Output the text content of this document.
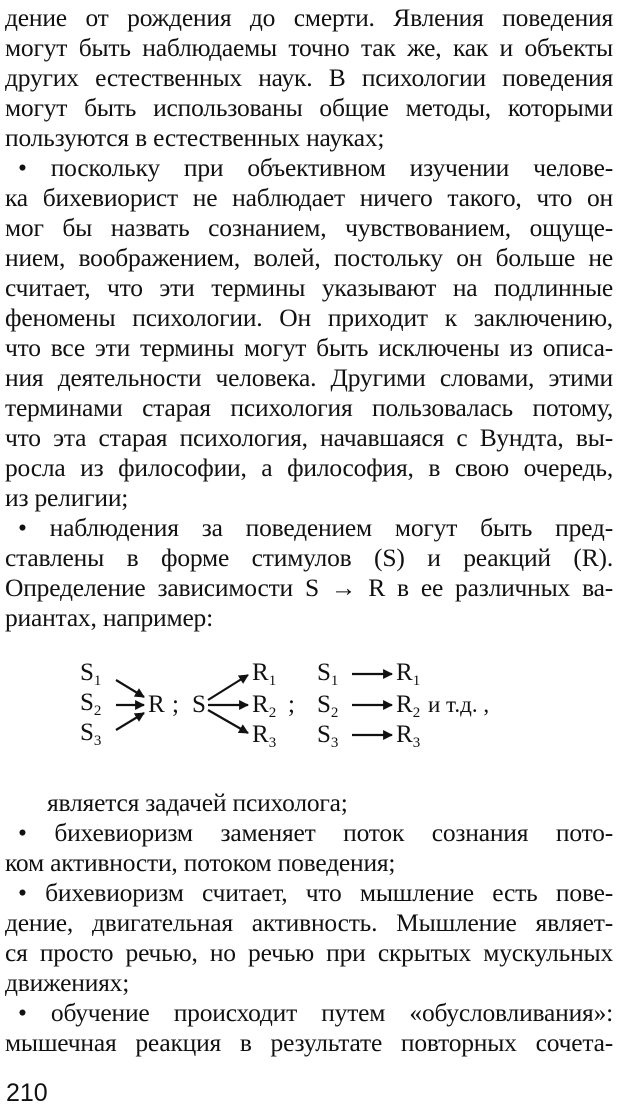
дение от рождения до смерти. Явления поведения
могут быть наблюдаемы точно так же, как и объекты
других естественных наук. В психологии поведения
могут быть использованы общие методы, которыми
пользуются в естественных науках;
• поскольку при объективном изучении челове-
ка бихевиорист не наблюдает ничего такого, что он
мог бы назвать сознанием, чувствованием, ощуще-
нием, воображением, волей, постольку он больше не
считает, что эти термины указывают на подлинные
феномены психологии. Он приходит к заключению,
что все эти термины могут быть исключены из описа-
ния деятельности человека. Другими словами, этими
терминами старая психология пользовалась потому,
что эта старая психология, начавшаяся с Вундта, вы-
росла из философии, а философия, в свою очередь,
из религии;
• наблюдения за поведением могут быть пред-
ставлены в форме стимулов (S) и реакций (R).
Определение зависимости S → R в ее различных ва-
риантах, например:
$S_1$
$S_2$
$S_3$
R ; S
$R_1$
$R_2$
$R_3$
;
$S_1$
$S_2$
$S_3$
$R_1$
$R_2$
$R_3$
и т.д. ,
является задачей психолога;
• бихевиоризм заменяет поток сознания пото-
ком активности, потоком поведения;
• бихевиоризм считает, что мышление есть пове-
дение, двигательная активность. Мышление являет-
ся просто речью, но речью при скрытых мускульных
движениях;
• обучение происходит путем «обусловливания»:
мышечная реакция в результате повторных сочета-
210
